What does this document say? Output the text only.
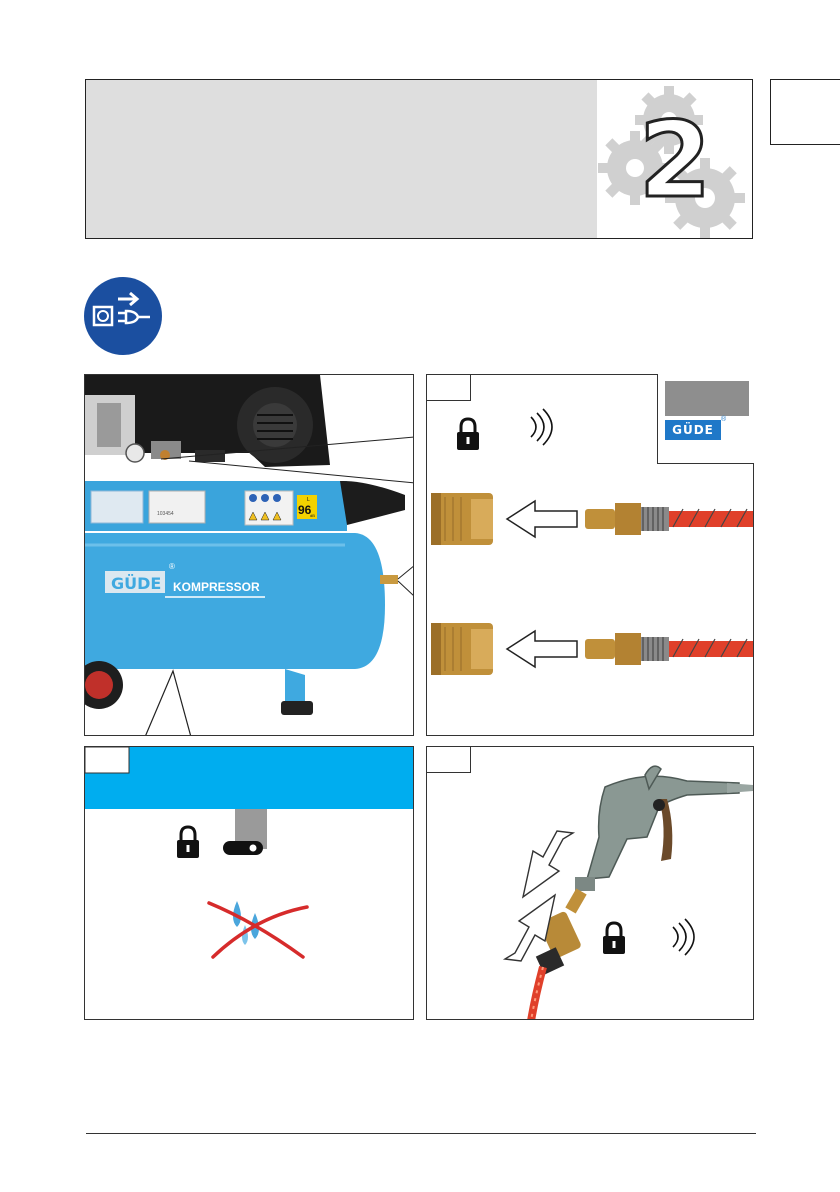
2
103454	96
L
dB
GÜDE KOMPRESSOR
®
GÜDE
®
